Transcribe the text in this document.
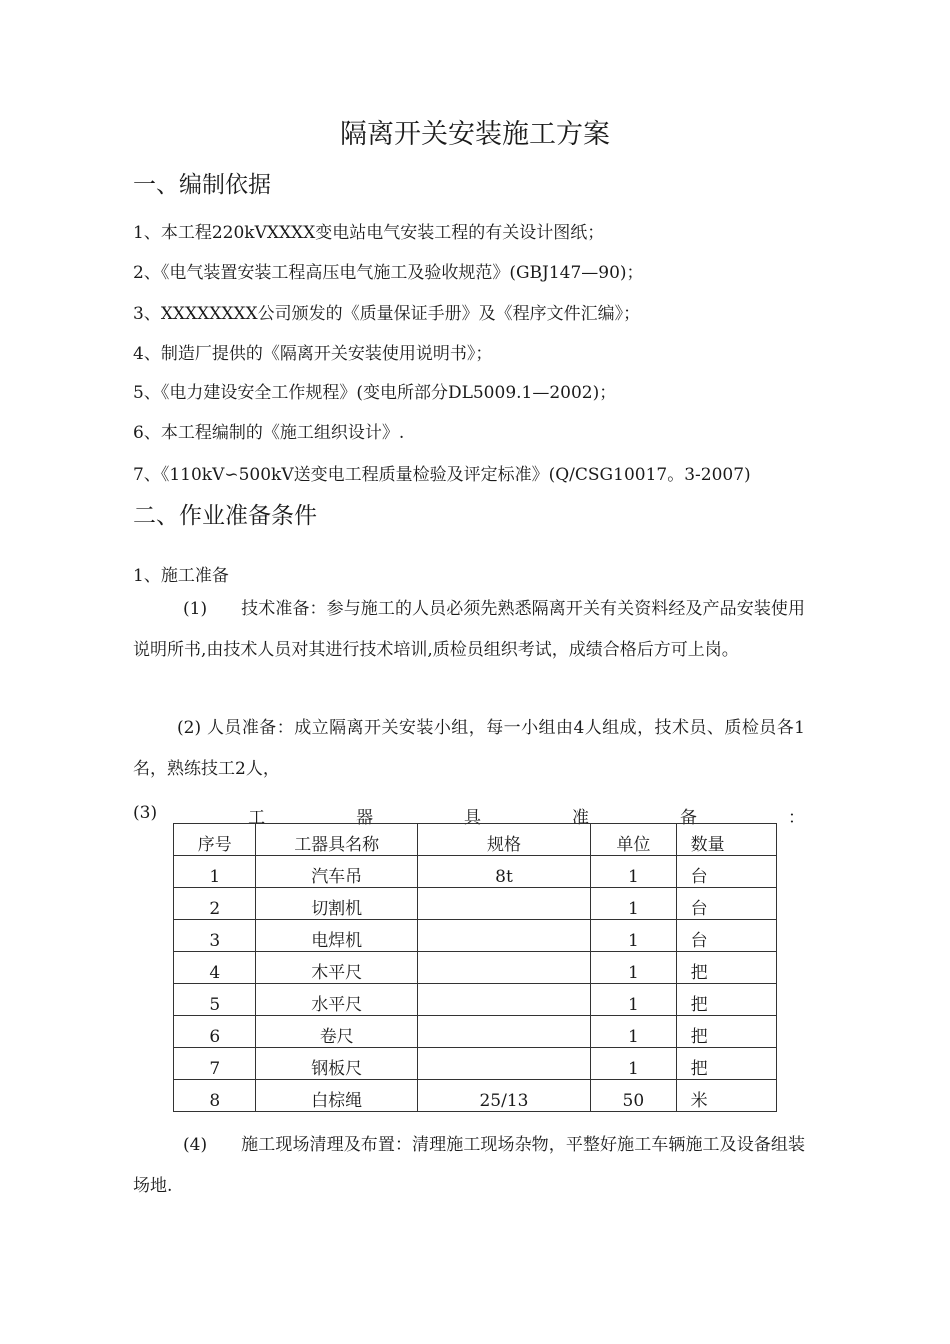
隔离开关安装施工方案
一、编制依据
1、本工程220kVXXXX变电站电气安装工程的有关设计图纸；
2、《电气装置安装工程高压电气施工及验收规范》(GBJ147—90)；
3、XXXXXXXX公司颁发的《质量保证手册》及《程序文件汇编》；
4、制造厂提供的《隔离开关安装使用说明书》；
5、《电力建设安全工作规程》(变电所部分DL5009.1—2002)；
6、本工程编制的《施工组织设计》.
7、《110kV∽500kV送变电工程质量检验及评定标准》(Q/CSG10017。3-2007)
二、作业准备条件
1、施工准备
(1) 技术准备：参与施工的人员必须先熟悉隔离开关有关资料经及产品安装使用说明所书,由技术人员对其进行技术培训,质检员组织考试，成绩合格后方可上岗。
(2) 人员准备：成立隔离开关安装小组，每一小组由4人组成，技术员、质检员各1名，熟练技工2人，
(3)	工	器	具	准	备	：
序号	工器具名称	规格	单位	数量
1	汽车吊	8t	1	台
2	切割机		1	台
3	电焊机		1	台
4	木平尺		1	把
5	水平尺		1	把
6	卷尺		1	把
7	钢板尺		1	把
8	白棕绳	25/13	50	米
(4) 施工现场清理及布置：清理施工现场杂物，平整好施工车辆施工及设备组装场地.
